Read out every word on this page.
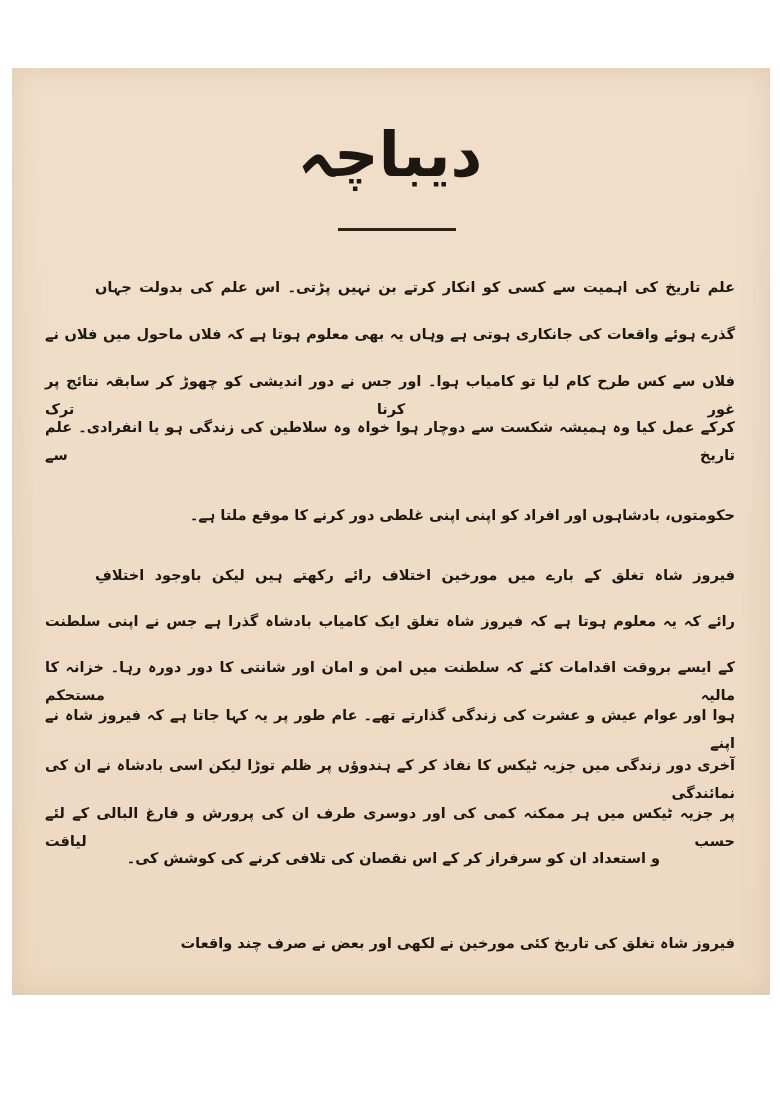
دیباچہ
علم تاریخ کی اہمیت سے کسی کو انکار کرتے بن نہیں پڑتی۔ اس علم کی بدولت جہاں
گذرے ہوئے واقعات کی جانکاری ہوتی ہے وہاں یہ بھی معلوم ہوتا ہے کہ فلاں ماحول میں فلاں نے
فلاں سے کس طرح کام لیا تو کامیاب ہوا۔ اور جس نے دور اندیشی کو چھوڑ کر سابقہ نتائج پر غور کرنا ترک
کرکے عمل کیا وہ ہمیشہ شکست سے دوچار ہوا خواہ وہ سلاطین کی زندگی ہو یا انفرادی۔ علم تاریخ سے
حکومتوں، بادشاہوں اور افراد کو اپنی اپنی غلطی دور کرنے کا موقع ملتا ہے۔
فیروز شاہ تغلق کے بارے میں مورخین اختلاف رائے رکھتے ہیں لیکن باوجود اختلافِ
رائے کہ یہ معلوم ہوتا ہے کہ فیروز شاہ تغلق ایک کامیاب بادشاہ گذرا ہے جس نے اپنی سلطنت
کے ایسے بروقت اقدامات کئے کہ سلطنت میں امن و امان اور شانتی کا دور دورہ رہا۔ خزانہ کا مالیہ مستحکم
ہوا اور عوام عیش و عشرت کی زندگی گذارتے تھے۔ عام طور پر یہ کہا جاتا ہے کہ فیروز شاہ نے اپنے
آخری دور زندگی میں جزیہ ٹیکس کا نفاذ کر کے ہندوؤں پر ظلم توڑا لیکن اسی بادشاہ نے ان کی نمائندگی
پر جزیہ ٹیکس میں ہر ممکنہ کمی کی اور دوسری طرف ان کی پرورش و فارغ البالی کے لئے حسب لیاقت
و استعداد ان کو سرفراز کر کے اس نقصان کی تلافی کرنے کی کوشش کی۔
فیروز شاہ تغلق کی تاریخ کئی مورخین نے لکھی اور بعض نے صرف چند واقعات
